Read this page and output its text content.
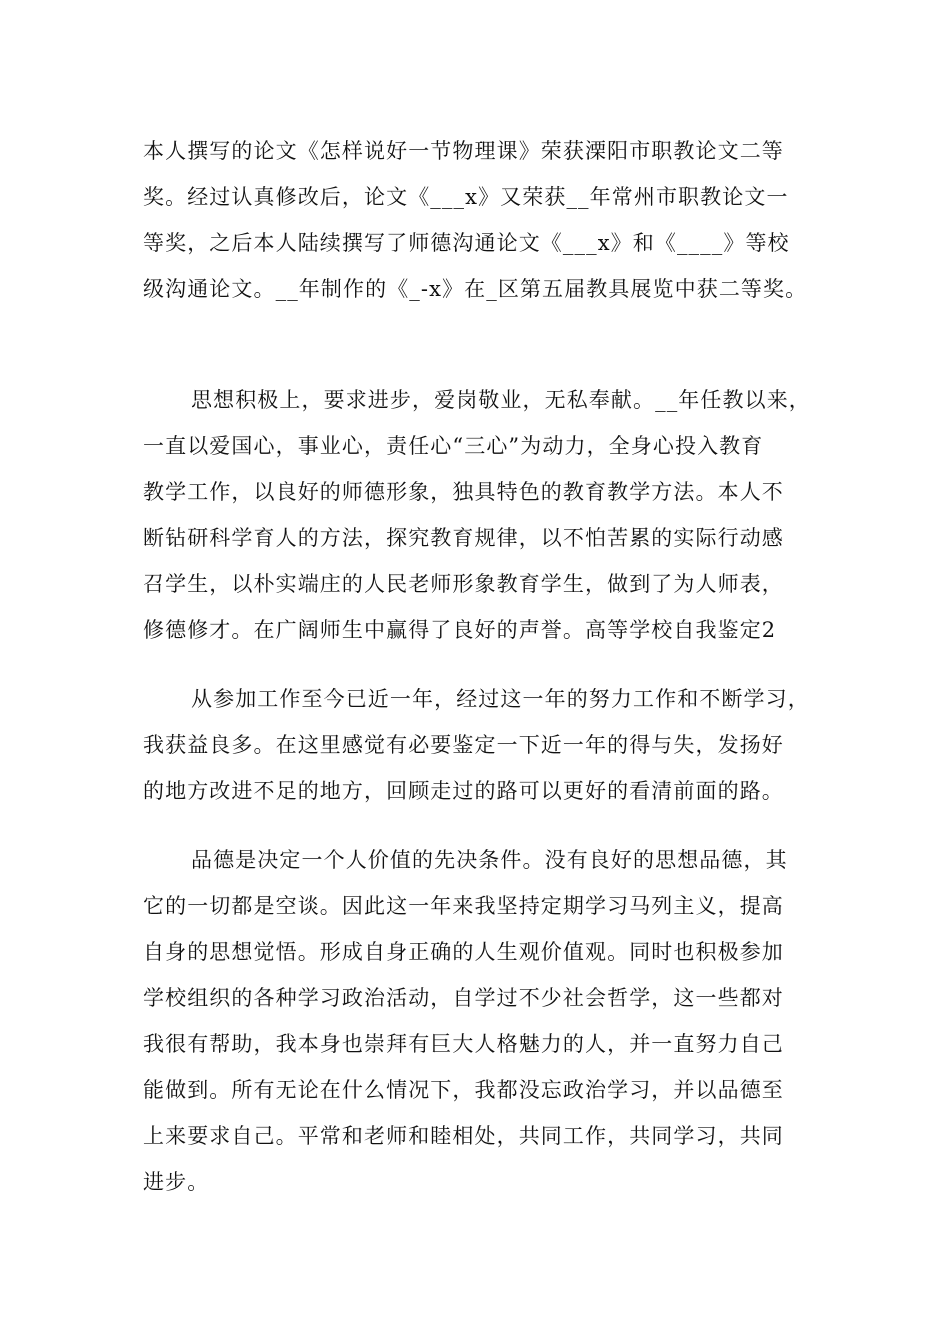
本人撰写的论文《怎样说好一节物理课》荣获溧阳市职教论文二等
奖。经过认真修改后，论文《___x》又荣获__年常州市职教论文一
等奖，之后本人陆续撰写了师德沟通论文《___x》和《____》等校
级沟通论文。__年制作的《_-x》在_区第五届教具展览中获二等奖。
思想积极上，要求进步，爱岗敬业，无私奉献。__年任教以来，
一直以爱国心，事业心，责任心“三心”为动力，全身心投入教育
教学工作，以良好的师德形象，独具特色的教育教学方法。本人不
断钻研科学育人的方法，探究教育规律，以不怕苦累的实际行动感
召学生，以朴实端庄的人民老师形象教育学生，做到了为人师表，
修德修才。在广阔师生中赢得了良好的声誉。高等学校自我鉴定2
从参加工作至今已近一年，经过这一年的努力工作和不断学习，
我获益良多。在这里感觉有必要鉴定一下近一年的得与失，发扬好
的地方改进不足的地方，回顾走过的路可以更好的看清前面的路。
品德是决定一个人价值的先决条件。没有良好的思想品德，其
它的一切都是空谈。因此这一年来我坚持定期学习马列主义，提高
自身的思想觉悟。形成自身正确的人生观价值观。同时也积极参加
学校组织的各种学习政治活动，自学过不少社会哲学，这一些都对
我很有帮助，我本身也崇拜有巨大人格魅力的人，并一直努力自己
能做到。所有无论在什么情况下，我都没忘政治学习，并以品德至
上来要求自己。平常和老师和睦相处，共同工作，共同学习，共同
进步。
